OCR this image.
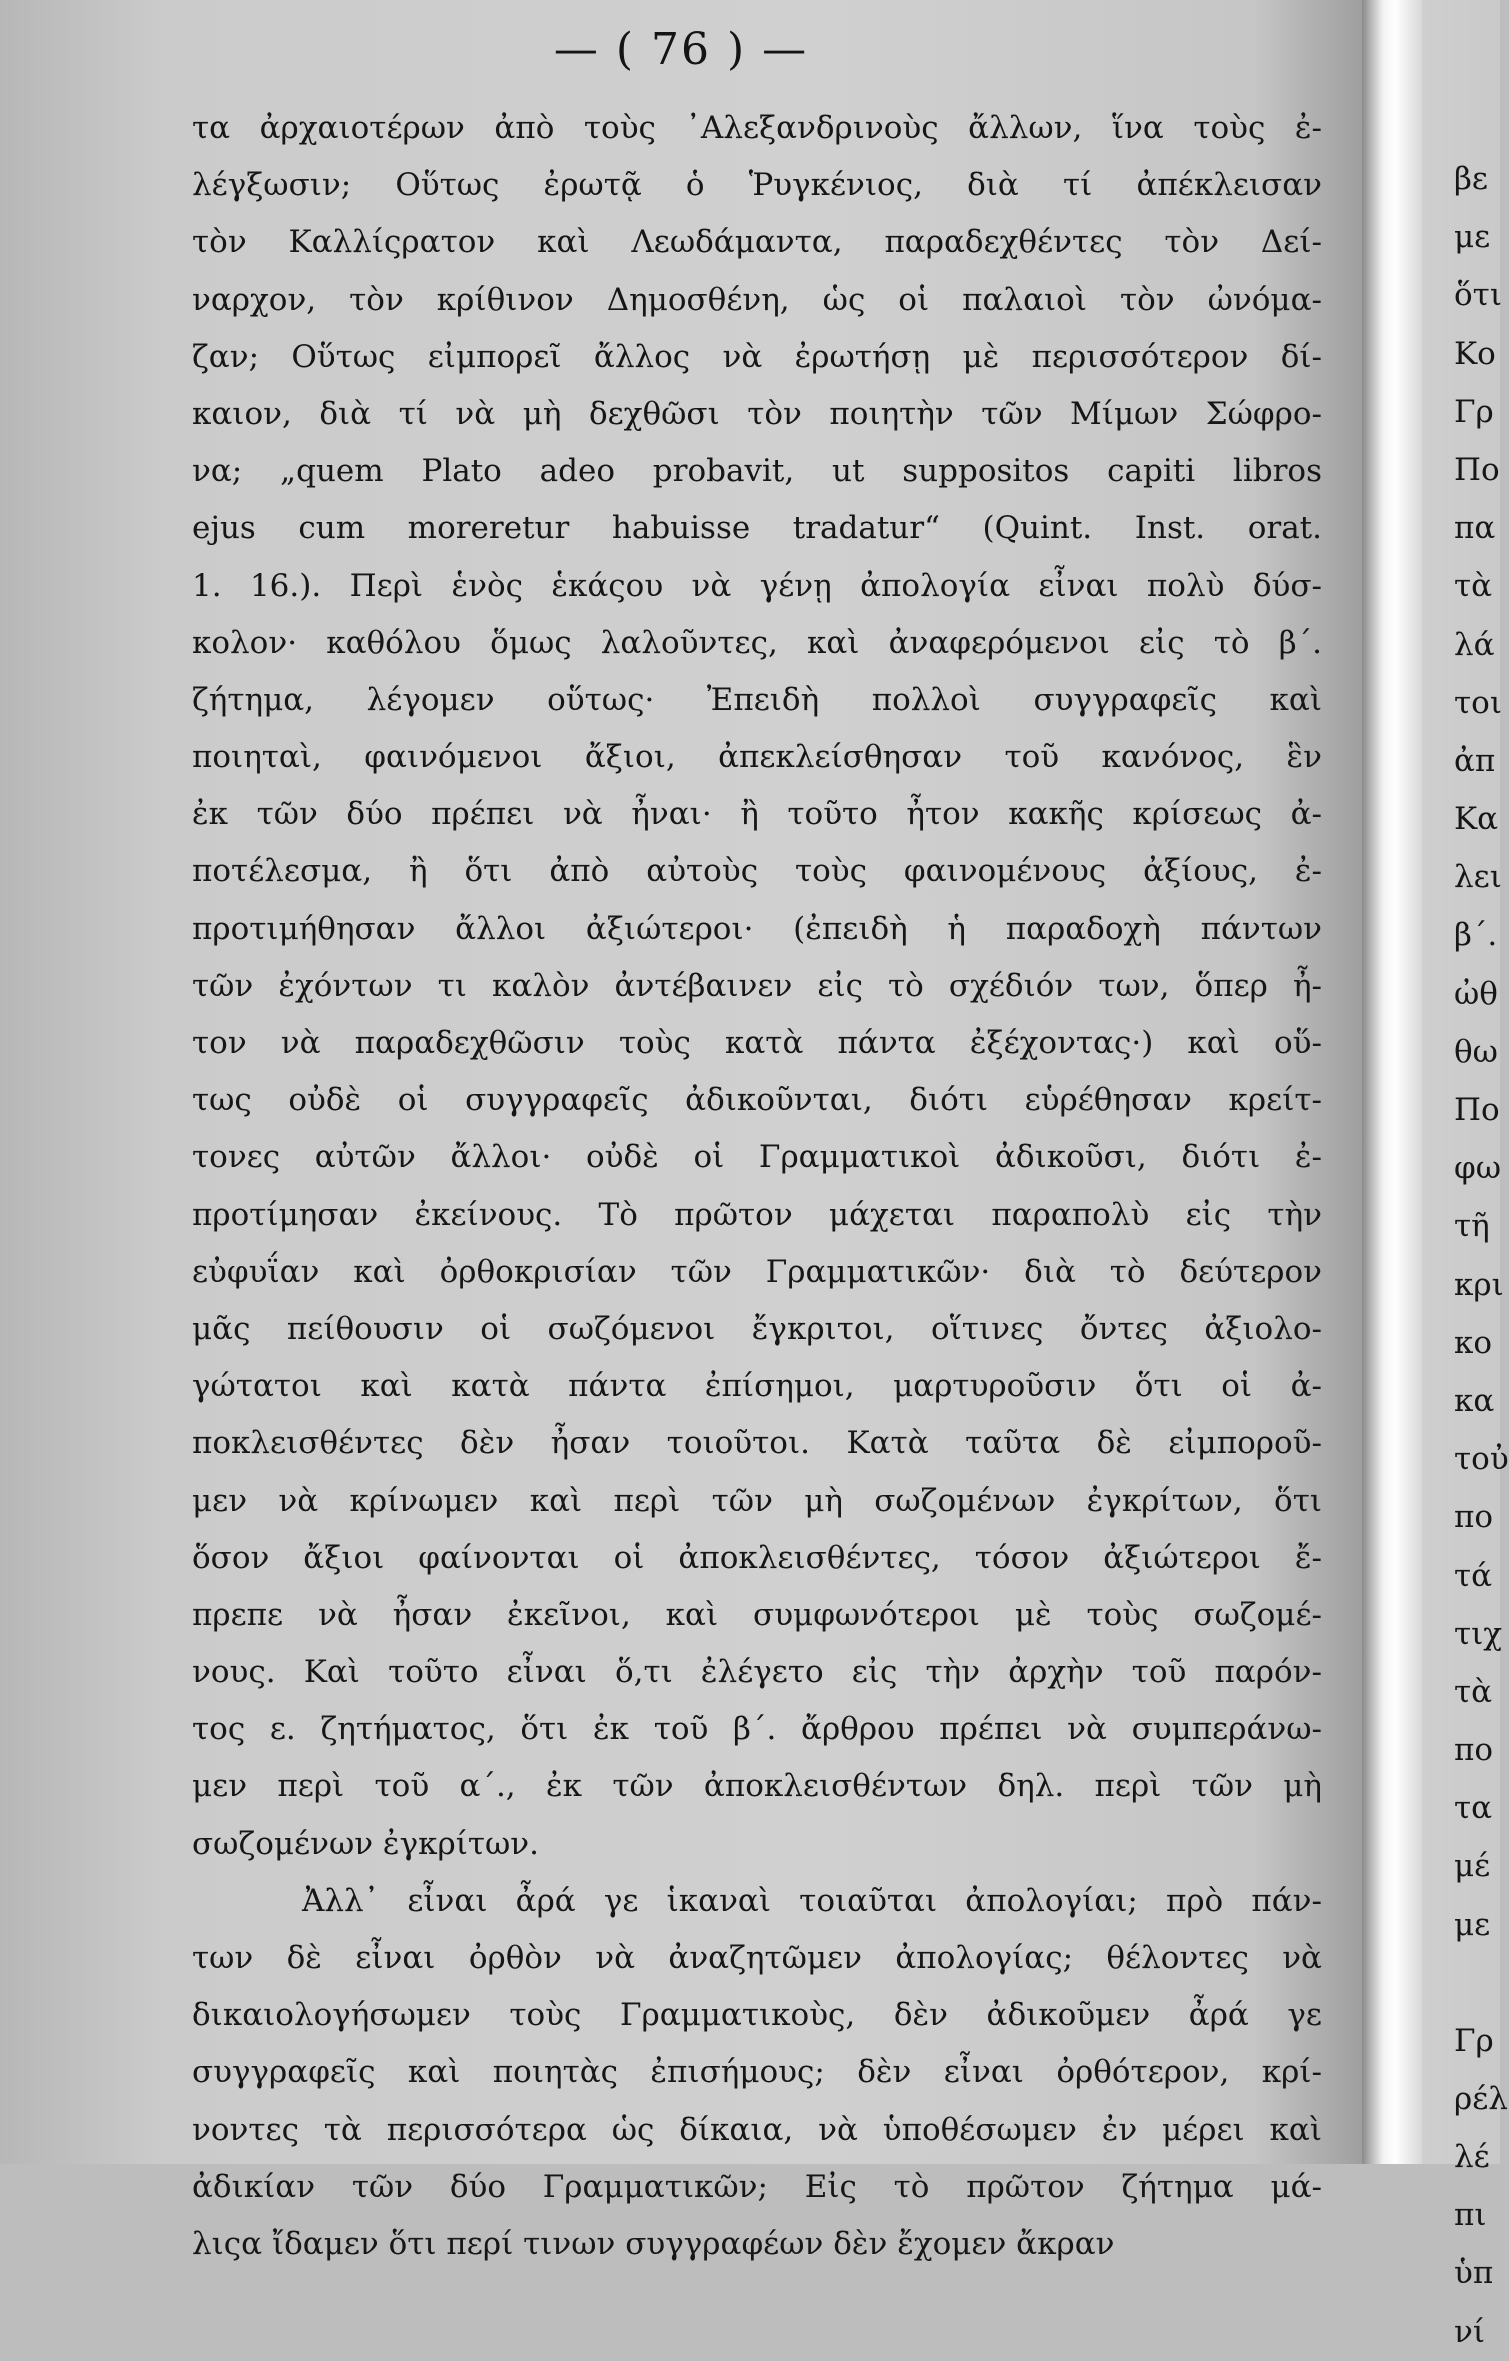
— ( 76 ) —
τα ἀρχαιοτέρων ἀπὸ τοὺς ᾿Αλεξανδρινοὺς ἄλλων, ἵνα τοὺς ἐ-
λέγξωσιν; Οὕτως ἐρωτᾷ ὁ Ῥυγκένιος, διὰ τί ἀπέκλεισαν
τὸν Καλλίςρατον καὶ Λεωδάμαντα, παραδεχθέντες τὸν Δεί-
ναρχον, τὸν κρίθινον Δημοσθένη, ὡς οἱ παλαιοὶ τὸν ὠνόμα-
ζαν; Οὕτως εἰμπορεῖ ἄλλος νὰ ἐρωτήσῃ μὲ περισσότερον δί-
καιον, διὰ τί νὰ μὴ δεχθῶσι τὸν ποιητὴν τῶν Μίμων Σώφρο-
να; „quem Plato adeo probavit, ut suppositos capiti libros
ejus cum moreretur habuisse tradatur“ (Quint. Inst. orat.
1. 16.). Περὶ ἑνὸς ἑκάςου νὰ γένῃ ἀπολογία εἶναι πολὺ δύσ-
κολον· καθόλου ὅμως λαλοῦντες, καὶ ἀναφερόμενοι εἰς τὸ β΄.
ζήτημα, λέγομεν οὕτως· Ἐπειδὴ πολλοὶ συγγραφεῖς καὶ
ποιηταὶ, φαινόμενοι ἄξιοι, ἀπεκλείσθησαν τοῦ κανόνος, ἓν
ἐκ τῶν δύο πρέπει νὰ ἦναι· ἢ τοῦτο ἦτον κακῆς κρίσεως ἀ-
ποτέλεσμα, ἢ ὅτι ἀπὸ αὐτοὺς τοὺς φαινομένους ἀξίους, ἐ-
προτιμήθησαν ἄλλοι ἀξιώτεροι· (ἐπειδὴ ἡ παραδοχὴ πάντων
τῶν ἐχόντων τι καλὸν ἀντέβαινεν εἰς τὸ σχέδιόν των, ὅπερ ἦ-
τον νὰ παραδεχθῶσιν τοὺς κατὰ πάντα ἐξέχοντας·) καὶ οὕ-
τως οὐδὲ οἱ συγγραφεῖς ἀδικοῦνται, διότι εὑρέθησαν κρείτ-
τονες αὐτῶν ἄλλοι· οὐδὲ οἱ Γραμματικοὶ ἀδικοῦσι, διότι ἐ-
προτίμησαν ἐκείνους. Τὸ πρῶτον μάχεται παραπολὺ εἰς τὴν
εὐφυΐαν καὶ ὀρθοκρισίαν τῶν Γραμματικῶν· διὰ τὸ δεύτερον
μᾶς πείθουσιν οἱ σωζόμενοι ἔγκριτοι, οἵτινες ὄντες ἀξιολο-
γώτατοι καὶ κατὰ πάντα ἐπίσημοι, μαρτυροῦσιν ὅτι οἱ ἀ-
ποκλεισθέντες δὲν ἦσαν τοιοῦτοι. Κατὰ ταῦτα δὲ εἰμποροῦ-
μεν νὰ κρίνωμεν καὶ περὶ τῶν μὴ σωζομένων ἐγκρίτων, ὅτι
ὅσον ἄξιοι φαίνονται οἱ ἀποκλεισθέντες, τόσον ἀξιώτεροι ἔ-
πρεπε νὰ ἦσαν ἐκεῖνοι, καὶ συμφωνότεροι μὲ τοὺς σωζομέ-
νους. Καὶ τοῦτο εἶναι ὅ,τι ἐλέγετο εἰς τὴν ἀρχὴν τοῦ παρόν-
τος ε. ζητήματος, ὅτι ἐκ τοῦ β΄. ἄρθρου πρέπει νὰ συμπεράνω-
μεν περὶ τοῦ α΄., ἐκ τῶν ἀποκλεισθέντων δηλ. περὶ τῶν μὴ
σωζομένων ἐγκρίτων.
Ἀλλ᾿ εἶναι ἆρά γε ἱκαναὶ τοιαῦται ἀπολογίαι; πρὸ πάν-
των δὲ εἶναι ὀρθὸν νὰ ἀναζητῶμεν ἀπολογίας; θέλοντες νὰ
δικαιολογήσωμεν τοὺς Γραμματικοὺς, δὲν ἀδικοῦμεν ἆρά γε
συγγραφεῖς καὶ ποιητὰς ἐπισήμους; δὲν εἶναι ὀρθότερον, κρί-
νοντες τὰ περισσότερα ὡς δίκαια, νὰ ὑποθέσωμεν ἐν μέρει καὶ
ἀδικίαν τῶν δύο Γραμματικῶν; Εἰς τὸ πρῶτον ζήτημα μά-
λιςα ἴδαμεν ὅτι περί τινων συγγραφέων δὲν ἔχομεν ἄκραν
βε
με
ὅτι
Κο
Γρ
Πο
πα
τὰ
λά
τοι
ἀπ
Κα
λει
β΄.
ὠθ
θω
Πο
φω
τῆ
κρι
κο
κα
τοὐ
πο
τά
τιχ
τὰ
πο
τα
μέ
με
Γρ
ρέλ
λέ
πι
ὑπ
νί
